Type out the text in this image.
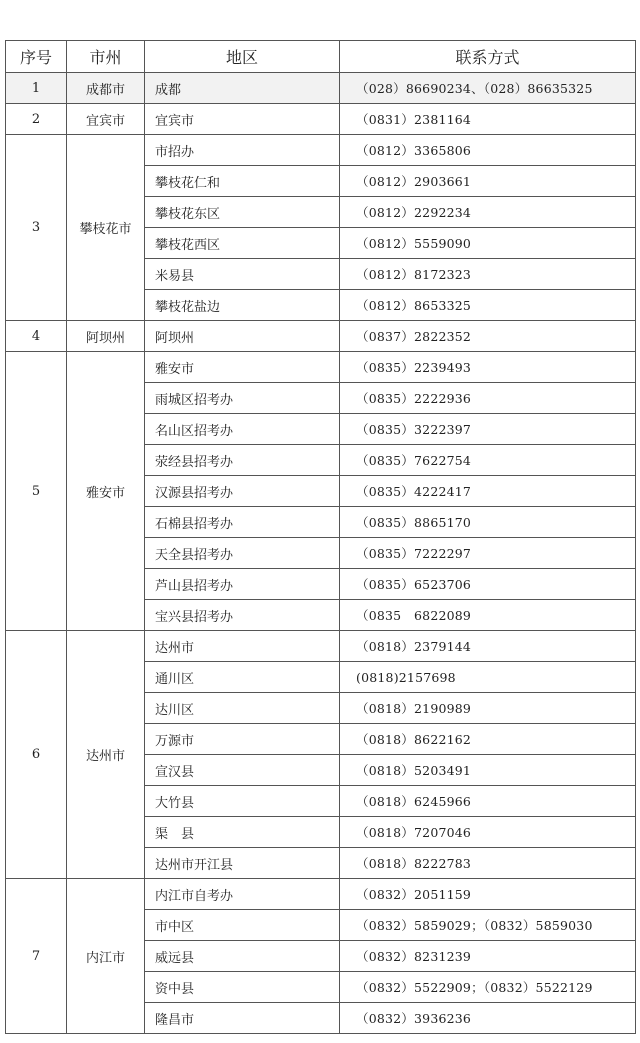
序号	市州	地区	联系方式
1	成都市	成都	（028）86690234、（028）86635325
2	宜宾市	宜宾市	（0831）2381164
3	攀枝花市	市招办	（0812）3365806
		攀枝花仁和	（0812）2903661
		攀枝花东区	（0812）2292234
		攀枝花西区	（0812）5559090
		米易县	（0812）8172323
		攀枝花盐边	（0812）8653325
4	阿坝州	阿坝州	（0837）2822352
5	雅安市	雅安市	（0835）2239493
		雨城区招考办	（0835）2222936
		名山区招考办	（0835）3222397
		荥经县招考办	（0835）7622754
		汉源县招考办	（0835）4222417
		石棉县招考办	（0835）8865170
		天全县招考办	（0835）7222297
		芦山县招考办	（0835）6523706
		宝兴县招考办	（0835　6822089
6	达州市	达州市	（0818）2379144
		通川区	(0818)2157698
		达川区	（0818）2190989
		万源市	（0818）8622162
		宣汉县	（0818）5203491
		大竹县	（0818）6245966
		渠　县	（0818）7207046
		达州市开江县	（0818）8222783
7	内江市	内江市自考办	（0832）2051159
		市中区	（0832）5859029；（0832）5859030
		威远县	（0832）8231239
		资中县	（0832）5522909；（0832）5522129
		隆昌市	（0832）3936236
